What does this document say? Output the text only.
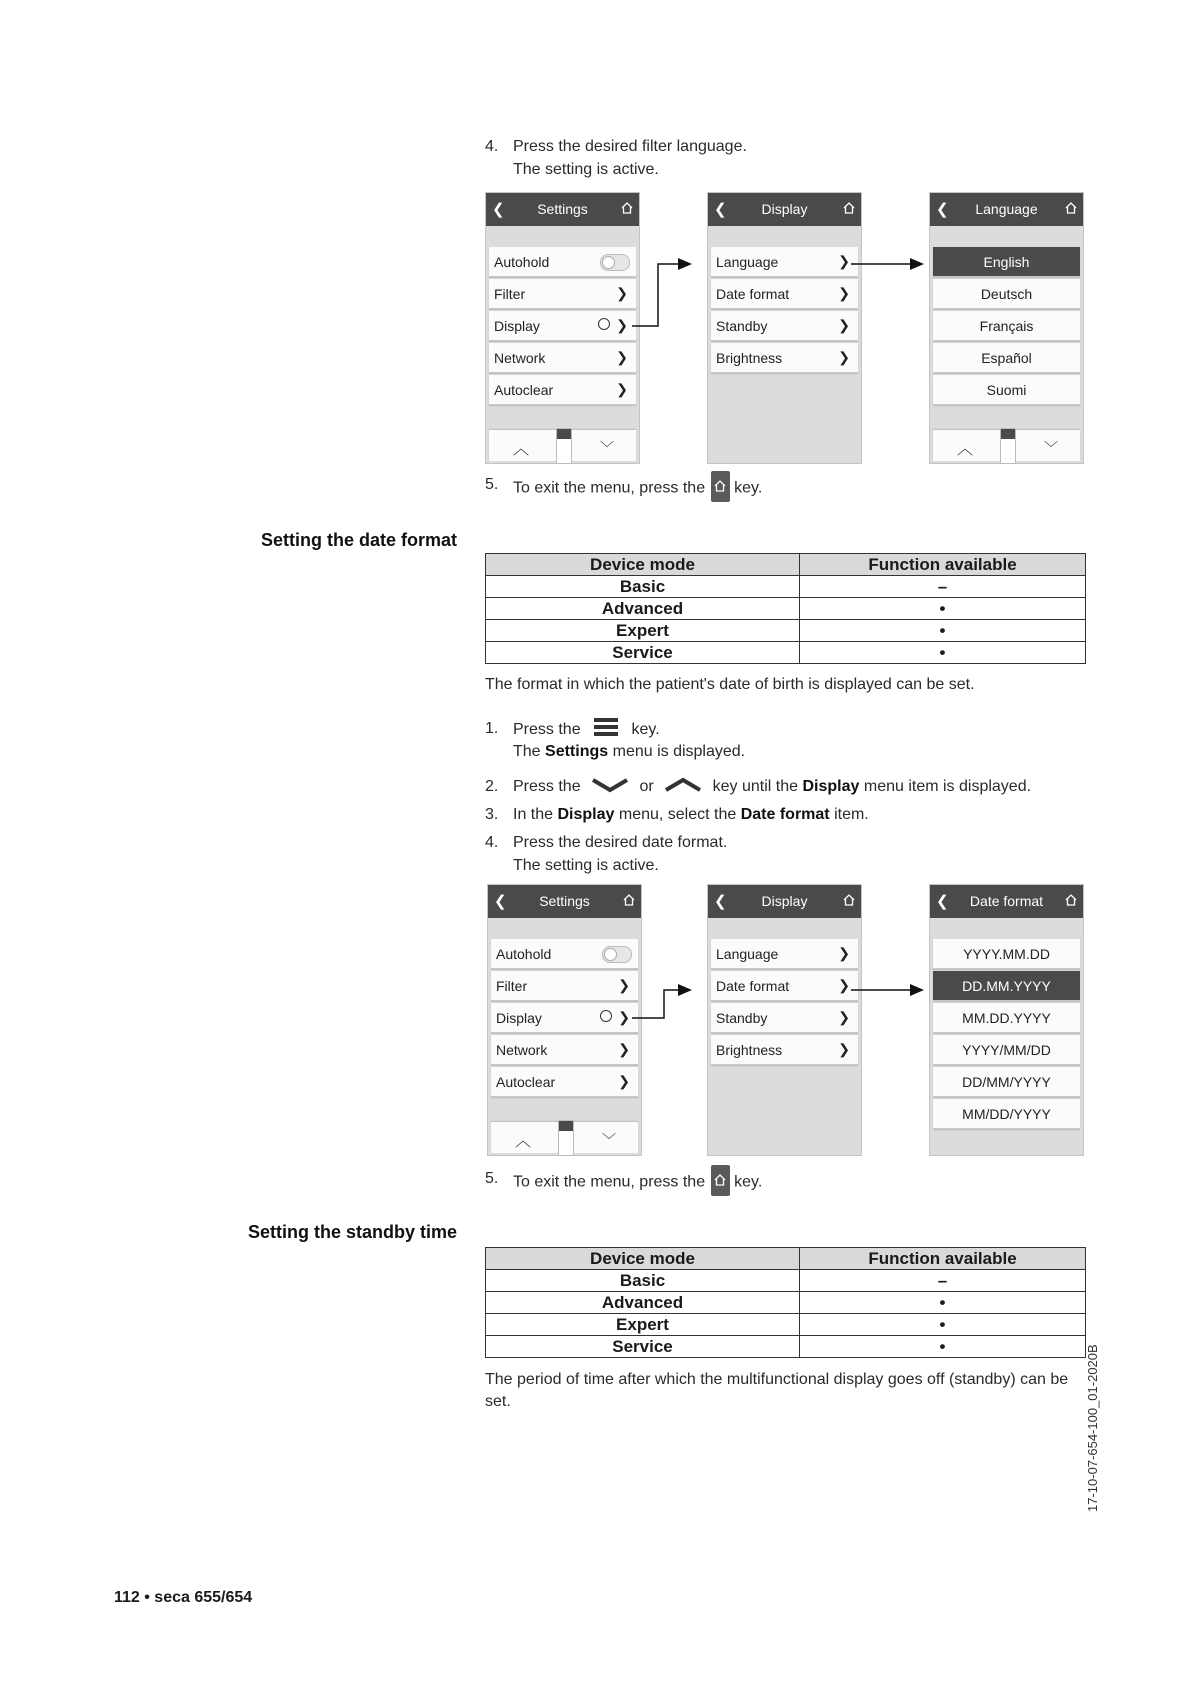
4. Press the desired filter language.
The setting is active.
❮	Settings
Autohold
Filter	❯
Display	❯
Network	❯
Autoclear	❯
︿	﹀
❮	Display
Language	❯
Date format	❯
Standby	❯
Brightness	❯
❮	Language
English
Deutsch
Français
Español
Suomi
︿	﹀
5. To exit the menu, press the key.
Setting the date format
Device mode	Function available
Basic	–
Advanced	•
Expert	•
Service	•
The format in which the patient's date of birth is displayed can be set.
1. Press the	key.
The Settings menu is displayed.
2. Press the	or	key until the Display menu item is displayed.
3. In the Display menu, select the Date format item.
4. Press the desired date format.
The setting is active.
❮	Settings
Autohold
Filter	❯
Display	❯
Network	❯
Autoclear	❯
︿	﹀
❮	Display
Language	❯
Date format	❯
Standby	❯
Brightness	❯
❮	Date format
YYYY.MM.DD
DD.MM.YYYY
MM.DD.YYYY
YYYY/MM/DD
DD/MM/YYYY
MM/DD/YYYY
5. To exit the menu, press the key.
Setting the standby time
Device mode	Function available
Basic	–
Advanced	•
Expert	•
Service	•
The period of time after which the multifunctional display goes off (standby) can be set.	17-10-07-654-100_01-2020B
112 • seca 655/654
